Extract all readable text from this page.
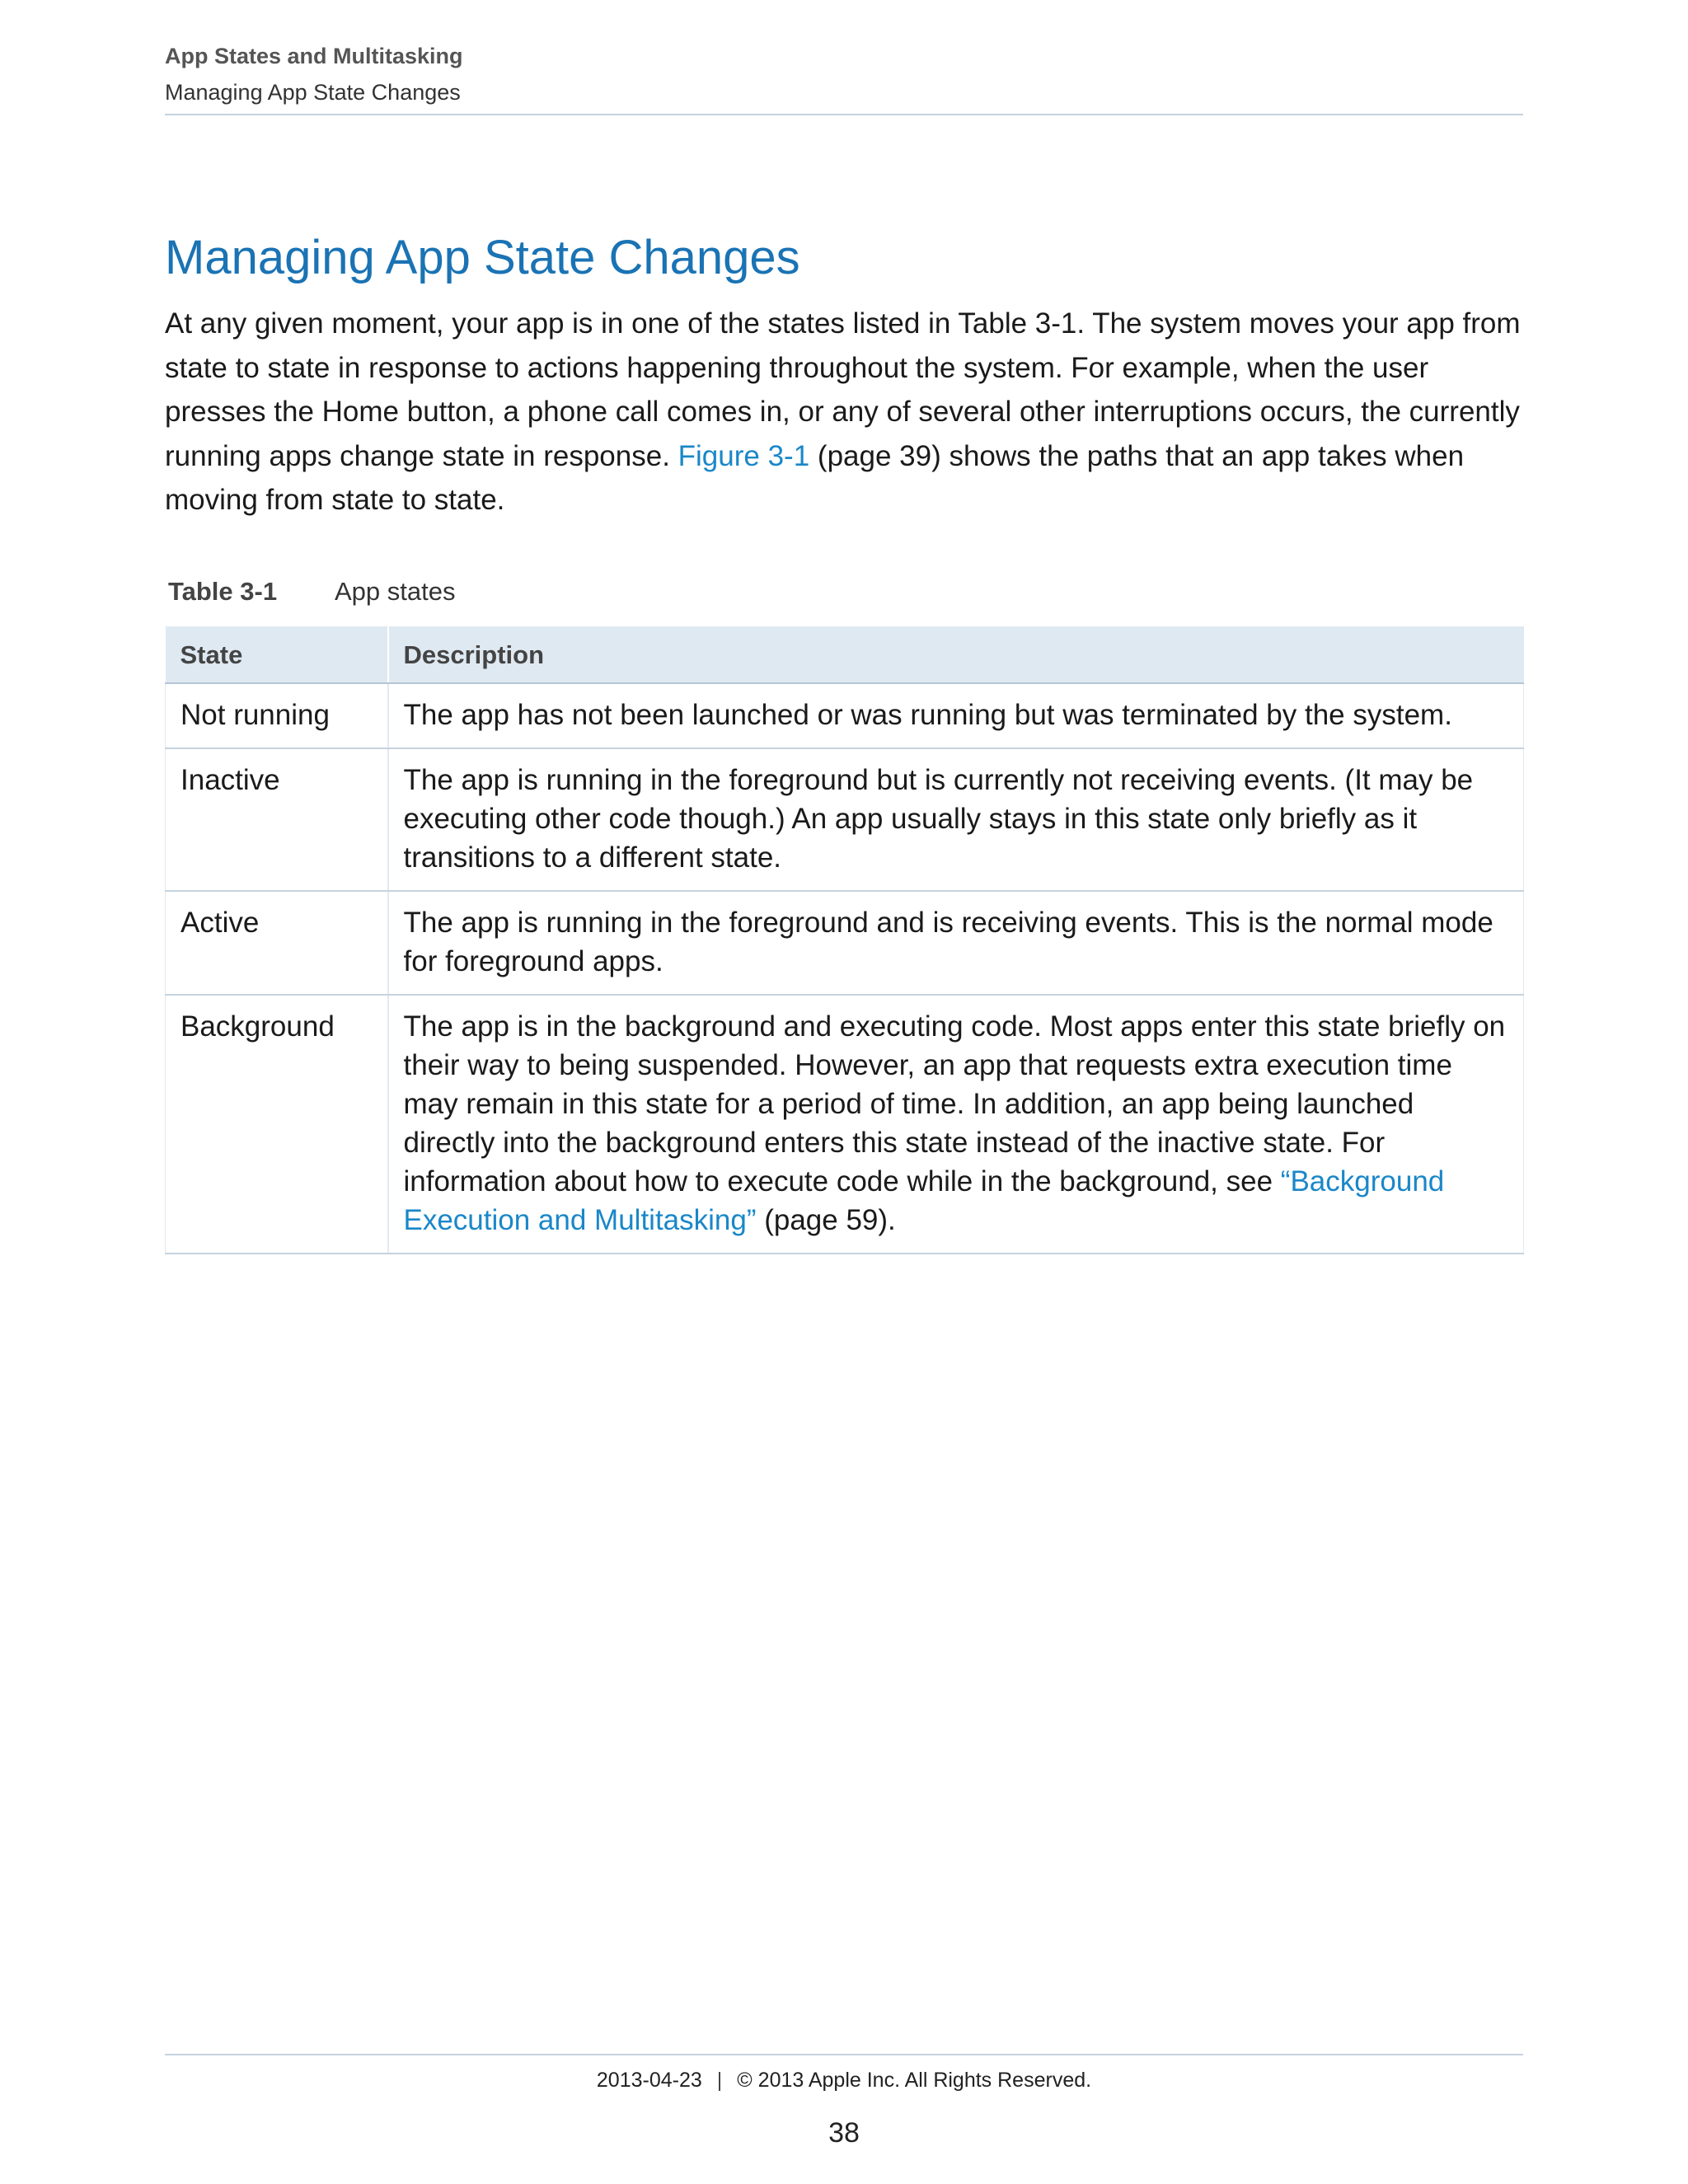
App States and Multitasking
Managing App State Changes
Managing App State Changes

At any given moment, your app is in one of the states listed in Table 3-1. The system moves your app from state to state in response to actions happening throughout the system. For example, when the user presses the Home button, a phone call comes in, or any of several other interruptions occurs, the currently running apps change state in response. Figure 3-1 (page 39) shows the paths that an app takes when moving from state to state.

Table 3-1 App states
State	Description
Not running	The app has not been launched or was running but was terminated by the system.
Inactive	The app is running in the foreground but is currently not receiving events. (It may be executing other code though.) An app usually stays in this state only briefly as it transitions to a different state.
Active	The app is running in the foreground and is receiving events. This is the normal mode for foreground apps.
Background	The app is in the background and executing code. Most apps enter this state briefly on their way to being suspended. However, an app that requests extra execution time may remain in this state for a period of time. In addition, an app being launched directly into the background enters this state instead of the inactive state. For information about how to execute code while in the background, see “Background Execution and Multitasking” (page 59).
2013-04-23 | © 2013 Apple Inc. All Rights Reserved.
38
